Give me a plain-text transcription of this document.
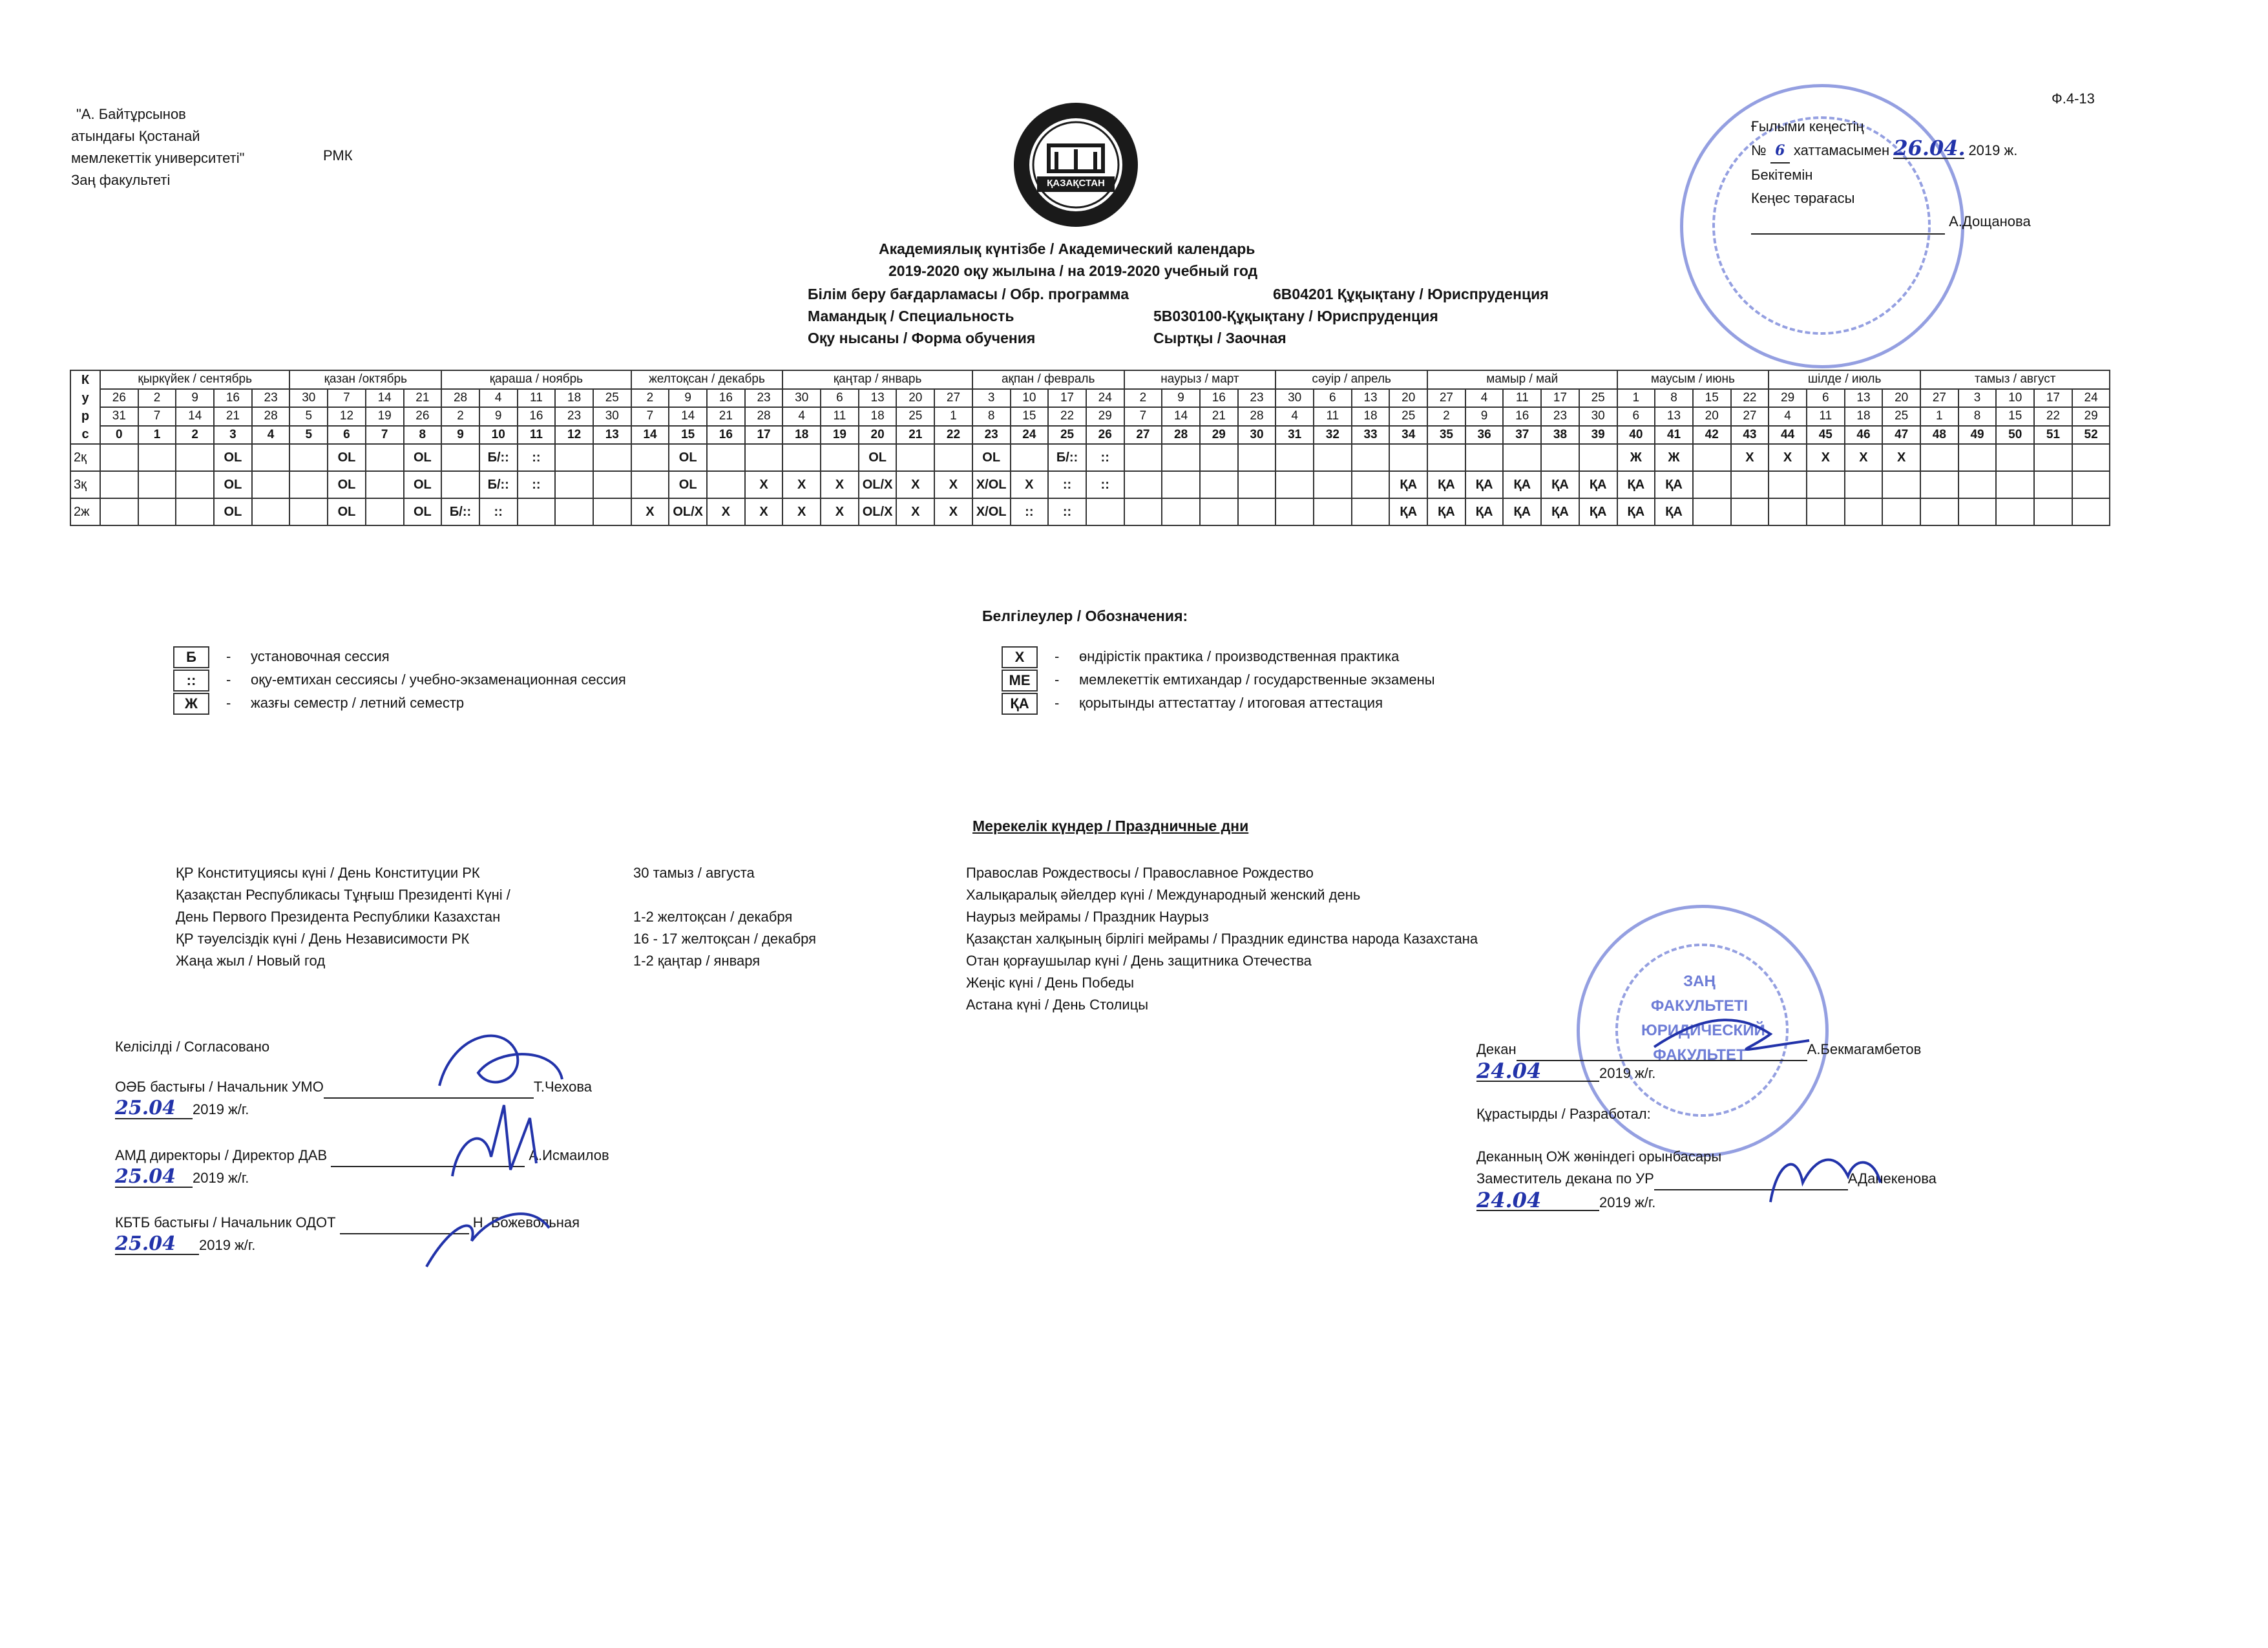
"А. Байтұрсынов
атындағы Қостанай
мемлекеттік университеті"
Заң факультеті
РМК
ҚАЗАҚСТАН
Ф.4-13
Ғылыми кеңестің
№ 6 хаттамасымен 26.04. 2019 ж.
Бекітемін
Кеңес төрағасы
А.Дощанова
Академиялық күнтізбе / Академический календарь
2019-2020 оқу жылына / на 2019-2020 учебный год
Білім беру бағдарламасы / Обр. программа	6B04201 Құқықтану / Юриспруденция
Мамандық / Специальность	5В030100-Құқықтану / Юриспруденция
Оқу нысаны / Форма обучения	Сыртқы / Заочная
К
у
р
с	қыркүйек / сентябрь					қазан /октябрь				қараша / ноябрь					желтоқсан / декабрь				қаңтар / январь					ақпан / февраль				наурыз / март				сәуір / апрель				мамыр / май					маусым / июнь				шілде / июль				тамыз / август				
	26	2	9	16	23	30	7	14	21	28	4	11	18	25	2	9	16	23	30	6	13	20	27	3	10	17	24	2	9	16	23	30	6	13	20	27	4	11	17	25	1	8	15	22	29	6	13	20	27	3	10	17	24
	31	7	14	21	28	5	12	19	26	2	9	16	23	30	7	14	21	28	4	11	18	25	1	8	15	22	29	7	14	21	28	4	11	18	25	2	9	16	23	30	6	13	20	27	4	11	18	25	1	8	15	22	29
	0	1	2	3	4	5	6	7	8	9	10	11	12	13	14	15	16	17	18	19	20	21	22	23	24	25	26	27	28	29	30	31	32	33	34	35	36	37	38	39	40	41	42	43	44	45	46	47	48	49	50	51	52
2қ				OL			OL		OL		Б/::	::				OL					OL			OL		Б/::	::														Ж	Ж		X	X	X	X	X					
3қ				OL			OL		OL		Б/::	::				OL		X	X	X	OL/X	X	X	X/OL	X	::	::								ҚА	ҚА	ҚА	ҚА	ҚА	ҚА	ҚА	ҚА											
2ж				OL			OL		OL	Б/::	::				X	OL/X	X	X	X	X	OL/X	X	X	X/OL	::	::									ҚА	ҚА	ҚА	ҚА	ҚА	ҚА	ҚА	ҚА											
Белгілеулер / Обозначения:
Б - установочная сессия
:: - оқу-емтихан сессиясы / учебно-экзаменационная сессия
Ж - жазғы семестр / летний семестр
X - өндірістік практика / производственная практика
МЕ - мемлекеттік емтихандар / государственные экзамены
ҚА - қорытынды аттестаттау / итоговая аттестация
Мерекелік күндер / Праздничные дни
ҚР Конституциясы күні / День Конституции РК	30 тамыз / августа
Қазақстан Республикасы Тұңғыш Президенті Күні /
День Первого Президента Республики Казахстан	1-2 желтоқсан / декабря
ҚР тәуелсіздік күні / День Независимости РК	16 - 17 желтоқсан / декабря
Жаңа жыл / Новый год	1-2 қаңтар / января
Православ Рождествосы / Православное Рождество
Халықаралық әйелдер күні / Международный женский день
Наурыз мейрамы / Праздник Наурыз
Қазақстан халқының бірлігі мейрамы / Праздник единства народа Казахстана
Отан қорғаушылар күні / День защитника Отечества
Жеңіс күні / День Победы
Астана күні / День Столицы
Келісілді / Согласовано
ОӘБ бастығы / Начальник УМО	Т.Чехова
25.04 2019 ж/г.
АМД директоры / Директор ДАВ	А.Исмаилов
25.04 2019 ж/г.
КБТБ бастығы / Начальник ОДОТ	Н. Божевольная
25.04 2019 ж/г.
ЗАҢ
ФАКУЛЬТЕТІ
ЮРИДИЧЕСКИЙ
ФАКУЛЬТЕТ
Декан	А.Бекмагамбетов
24.04	2019 ж/г.
Құрастырды / Разработал:
Деканның ОЖ жөніндегі орынбасары
Заместитель декана по УР	АДанекенова
24.04	2019 ж/г.
